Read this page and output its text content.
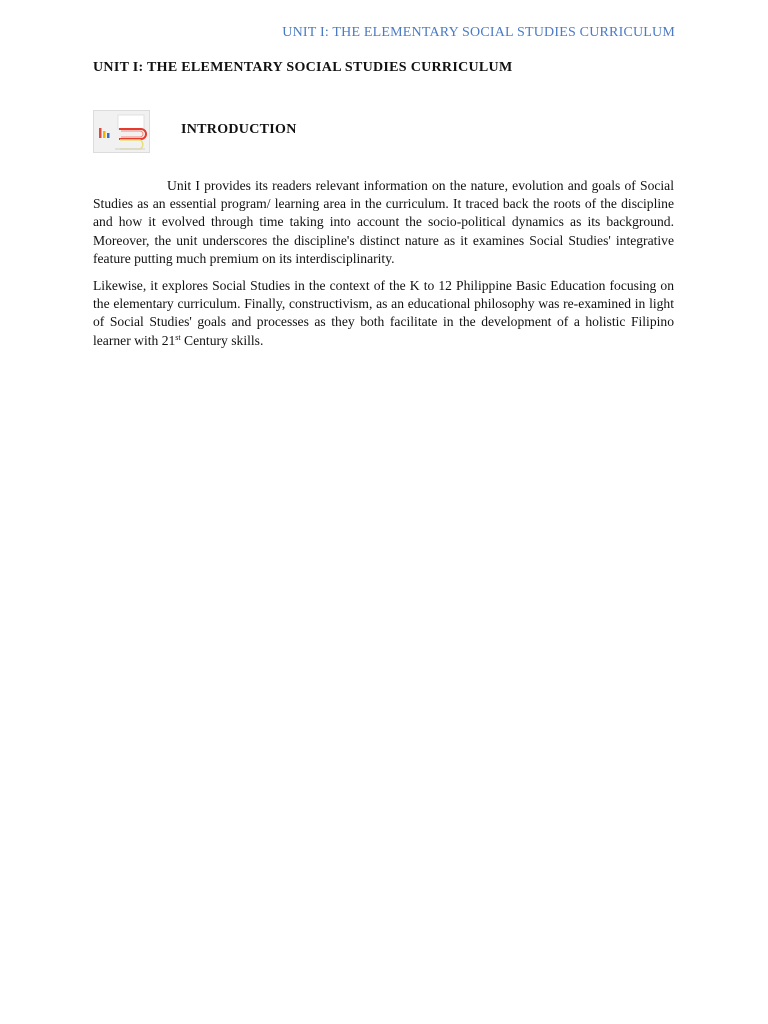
UNIT I: THE ELEMENTARY SOCIAL STUDIES CURRICULUM
UNIT I: THE ELEMENTARY SOCIAL STUDIES CURRICULUM
INTRODUCTION

Unit I provides its readers relevant information on the nature, evolution and goals of Social Studies as an essential program/ learning area in the curriculum. It traced back the roots of the discipline and how it evolved through time taking into account the socio-political dynamics as its background. Moreover, the unit underscores the discipline's distinct nature as it examines Social Studies' integrative feature putting much premium on its interdisciplinarity.

Likewise, it explores Social Studies in the context of the K to 12 Philippine Basic Education focusing on the elementary curriculum. Finally, constructivism, as an educational philosophy was re-examined in light of Social Studies' goals and processes as they both facilitate in the development of a holistic Filipino learner with 21st Century skills.
